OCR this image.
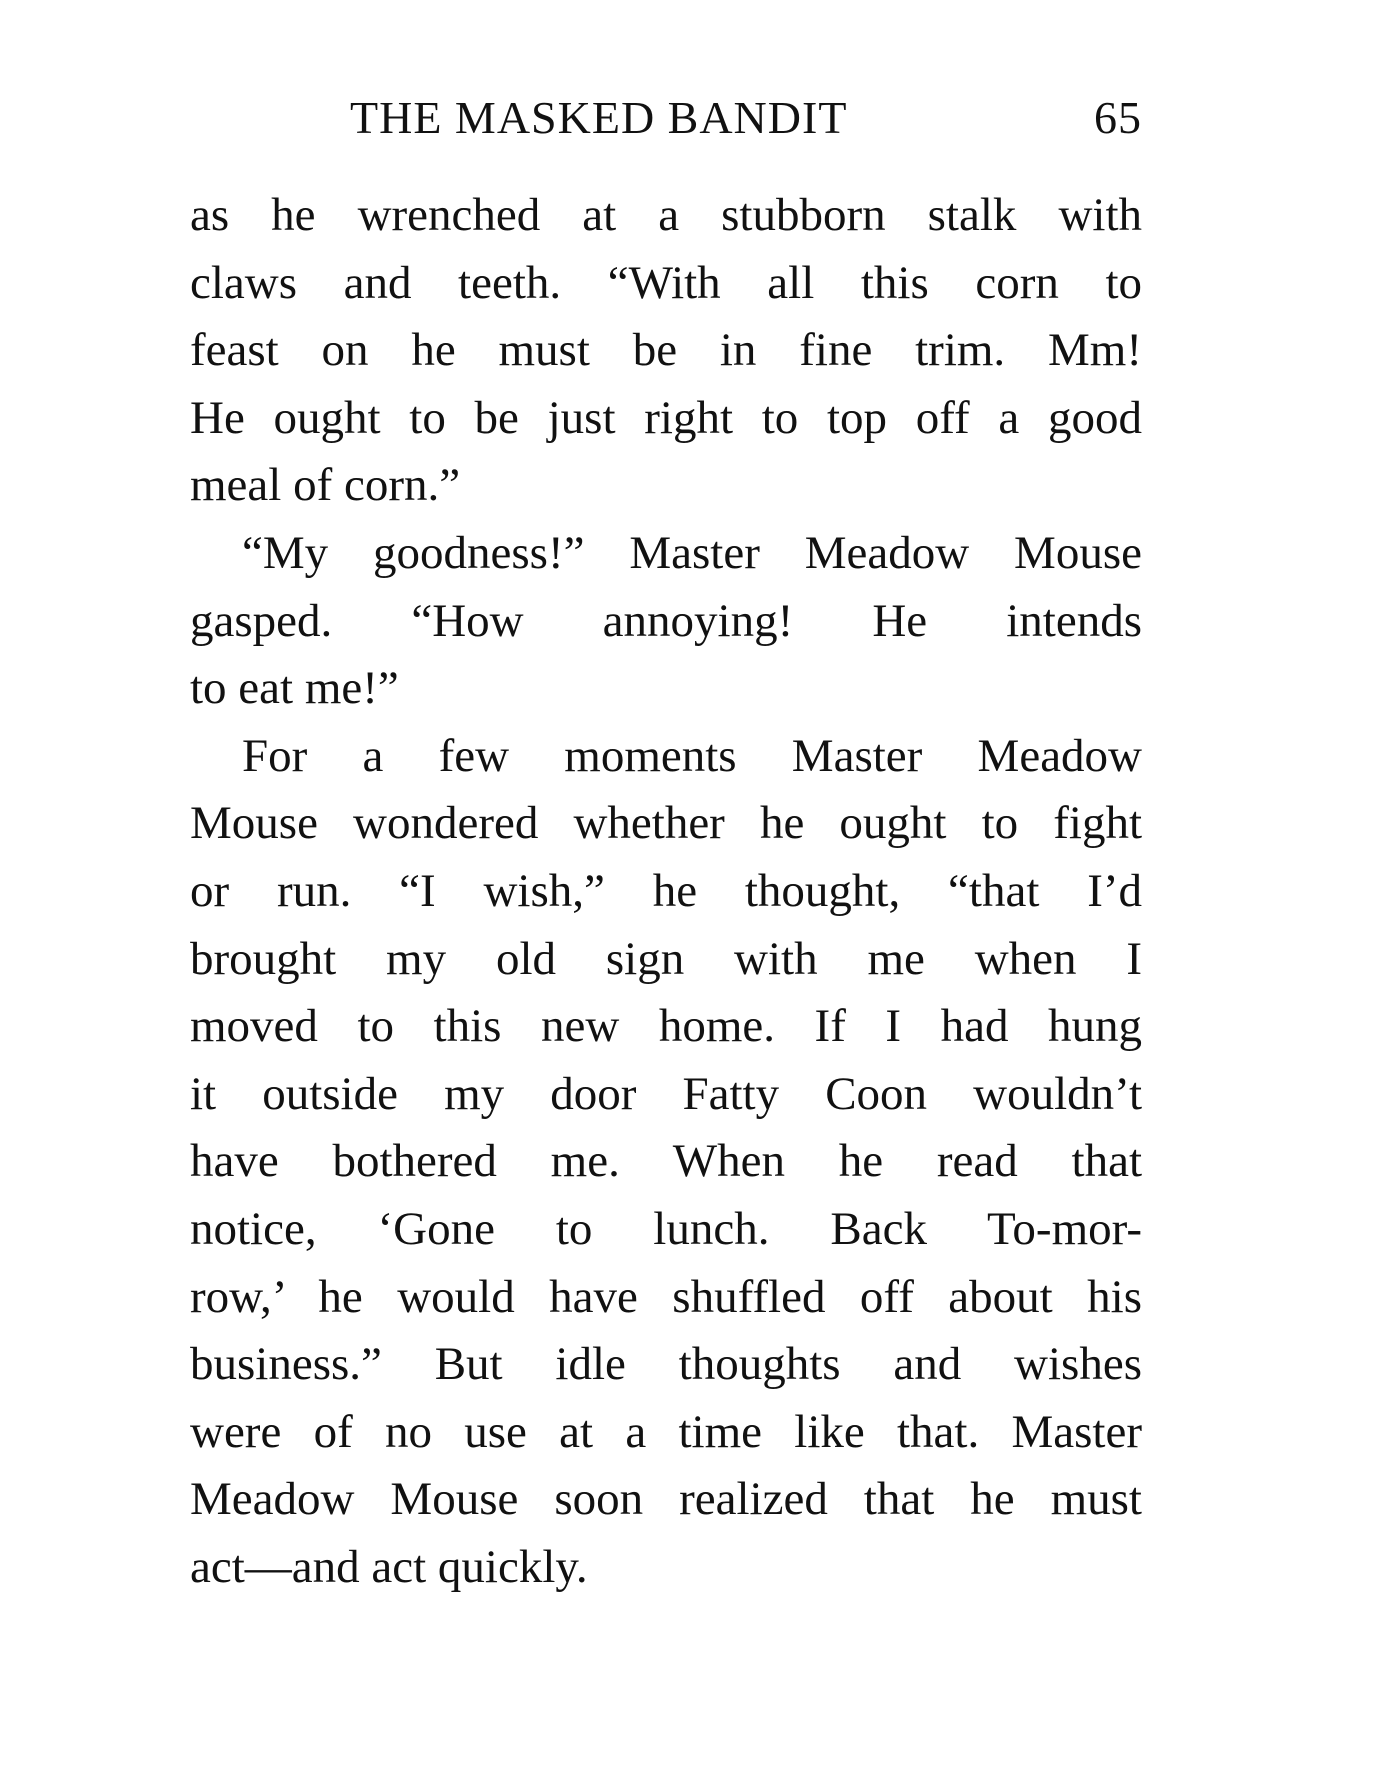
THE MASKED BANDIT	65
as he wrenched at a stubborn stalk with
claws and teeth. “With all this corn to
feast on he must be in fine trim. Mm!
He ought to be just right to top off a good
meal of corn.”
“My goodness!” Master Meadow Mouse
gasped. “How annoying! He intends
to eat me!”
For a few moments Master Meadow
Mouse wondered whether he ought to fight
or run. “I wish,” he thought, “that I’d
brought my old sign with me when I
moved to this new home. If I had hung
it outside my door Fatty Coon wouldn’t
have bothered me. When he read that
notice, ‘Gone to lunch. Back To-mor-
row,’ he would have shuffled off about his
business.” But idle thoughts and wishes
were of no use at a time like that. Master
Meadow Mouse soon realized that he must
act—and act quickly.
